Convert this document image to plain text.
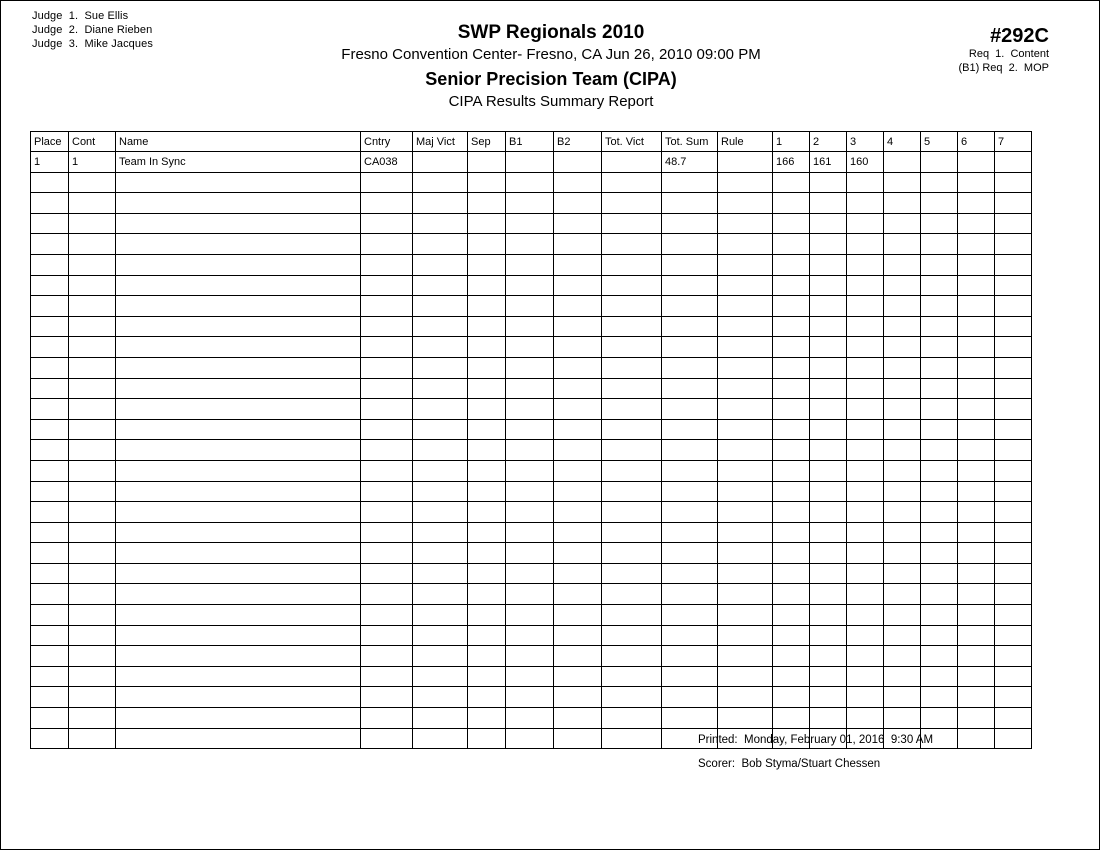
Judge  1.  Sue Ellis
Judge  2.  Diane Rieben
Judge  3.  Mike Jacques
SWP Regionals 2010
Fresno Convention Center- Fresno, CA Jun 26, 2010 09:00 PM
Senior Precision Team (CIPA)
CIPA Results Summary Report
#292C
Req  1.  Content
(B1) Req  2.  MOP
Place	Cont	Name	Cntry	Maj Vict	Sep	B1	B2	Tot. Vict	Tot. Sum	Rule	1	2	3	4	5	6	7
1	1	Team In Sync	CA038						48.7		166	161	160				

Printed:  Monday, February 01, 2016  9:30 AM
Scorer:  Bob Styma/Stuart Chessen
